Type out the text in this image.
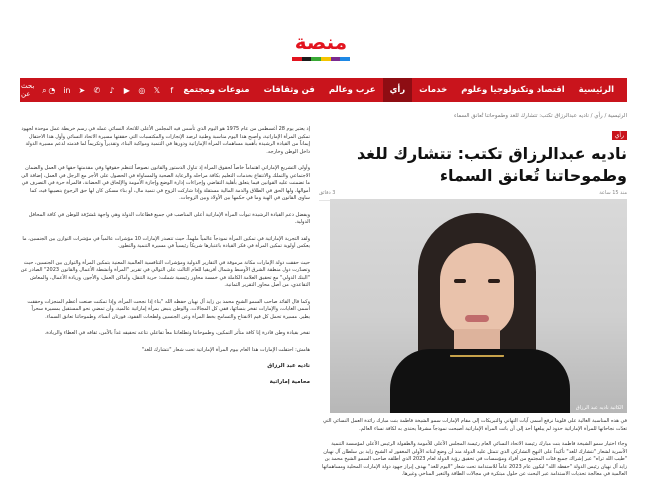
منصة
الرئيسية
اقتصاد وتكنولوجيا وعلوم
خدمات
رأي
عرب وعالم
فن وثقافات
منوعات ومجتمع
f
𝕏
◎
▶
♪
✆
➤
in
◔
بحث عن	⌕
الرئيسية / رأي / ناديه عبدالرزاق تكتب: تتشارك للغد وطموحاتنا تُعانق السماء
رأي
ناديه عبدالرزاق تكتب: تتشارك للغد وطموحاتنا تُعانق السماء
منذ 15 ساعة
3 دقائق
الكاتبة ناديه عبد الرزاق

في هذه المناسبة الغالية على قلوبنا نرفع أسمى آيات التهاني والتبريكات إلى مقام الإمارات سمو الشيخة فاطمة بنت مبارك رائدة العمل النسائي التي تعدّت نجاحاتها للمرأة الإماراتية حدود لم يبلغها أحد إلى أن باتت المرأة الإماراتية أصبحت نموذجاً مشرفاً يحتذى به لكافة نساء العالم.

وجاء اختيار سمو الشيخة فاطمة بنت مبارك رئيسة الاتحاد النسائي العام رئيسة المجلس الأعلى للأمومة والطفولة الرئيس الأعلى لمؤسسة التنمية الأسرية لشعار "نتشارك للغد" تأكيداً على النهج التشاركي الذي تتمثل عليه الدولة منذ أن وضع لبناته الأولى المغفور له الشيخ زايد بن سلطان آل نهيان "طيب الله ثراه" عبر إشراك جميع فئات المجتمع من أفراد ومؤسسات في تحقيق رؤية الدولة لعام 2023 الذي أطلقه صاحب السمو الشيخ محمد بن زايد آل نهيان رئيس الدولة "حفظه الله" ليكون عام 2023 عاماً للاستدامة تحت شعار "اليوم للغد" بهدف إبراز جهود دولة الإمارات المحلية ومساهماتها العالمية في معالجة تحديات الاستدامة عبر البحث عن حلول مبتكرة في مجالات الطاقة والتغير المناخي وغيرها.

إذ يعتبر يوم 28 أغسطس من عام 1975 هو اليوم الذي تأسس فيه المجلس الأعلى للاتحاد النسائي عمله في رسم خريطة عمل موحدة لجهود تمكين المرأة الإماراتية، وأصبح هذا اليوم مناسبة وطنية لرصد الإنجازات والمكتسبات التي حققتها مسيرة الاتحاد النسائي وأول هذا الاحتفال إيماناً من القيادة الرشيدة بأهمية مساهمات المرأة الإماراتية ودورها في التنمية ومواكبة البناء، وتقديراً وتكريماً لما قدمته لدعم مسيرة الدولة داخل الوطن وخارجه.

وأولى التشريع الإماراتي اهتماماً خاصاً لحقوق المرأة إذ تناول الدستور والقانون نصوصاً لتنظم حقوقها وفي مقدمتها حقها في العمل والضمان الاجتماعي والتملك والانتفاع بخدمات التعليم بكافة مراحله والرعاية الصحية والمساواة في الحصول على الأجر مع الرجل في العمل، إضافة الى ما تضمنت عليه القوانين فيما يتعلق بأهلية التقاضي وإجراءات إدارة الوضع وإجازة الأمومة والإلحاق في الحضانة، فالمرأة حرة في التصرف في أموالها، ولها الحق في الطلاق والذمة المالية مستقلة وإذا شاركت الزوج في تنمية مال، أو بناء مسكن كان لها حق الرجوع بنصيبها فيه، كما ساوى القانون في الهبة وما في حكمها بين الأولاد وبين الزوجات.

ويفضل دعم القيادة الرشيدة تبوأت المرأة الإماراتية أعلى المناصب في جميع قطاعات الدولة وهي واجهة مُشرّفة للوطن في كافة المحافل الدولية.

ولقد التجربة الإماراتية في تمكين المرأة نموذجاً عالمياً ملهماً، حيث تتصدر الإمارات 10 مؤشرات عالمياً في مؤشرات التوازن بين الجنسين، ما يعكس أولوية تمكين المرأة في فكر القيادة باعتبارها شريكاً رئيسياً في مسيرة التنمية والتطور.

حيث حققت دولة الإمارات مكانة مرموقة في التقارير الدولية ومؤشرات التنافسية العالمية المعنية بتمكين المرأة والتوازن بين الجنسين، حيث وتصدّرت دول منطقة الشرق الأوسط وشمال أفريقيا للعام الثالث على التوالي في تقرير "المرأة وأنشطة الأعمال والقانون 2023" الصادر عن "البنك الدولي" مع تحقيق العلامة الكاملة في خمسة محاور رئيسية شملت: حرية التنقل، وأماكن العمل، والأجور، وريادة الأعمال، والمعاش التقاعدي، من أصل محاور التقرير الثمانية.

وكما قال القائد صاحب السمو الشيخ محمد بن زايد آل نهيان حفظه الله "بناء إذا نجحت المرأة، وإذا تمكنت صنعت أعظم المنجزات وحققت أسمى الغايات، والإمارات تفخر بنسائها، ففي كل المجالات، والوطن ينبض بمرأة إماراتية عالمية، وأن تمضي نحو المستقبل بمسيرة سحراً يطير. مسيرة تحمل كل قيم الانفتاح والتسامح بخط المرأة وعن الجنسين ولطحات القفود، فورتان أنساء، وطموحاتنا تعانق السماء.

تفخر بقيادة وطن قادرة إنا كافة متأثر التمكين، وطموحاتنا وتطلعاتنا معاً تفاعلي نتاعه تحقيقه غداً بالأمن، ثقافه في العطاء والريادة.

هامش: احتفلت الإمارات هذا العام بيوم المرأة الإماراتية تحت شعار "نتشارك للغد"

ناديه عبد الرزاق
محامية إماراتية
